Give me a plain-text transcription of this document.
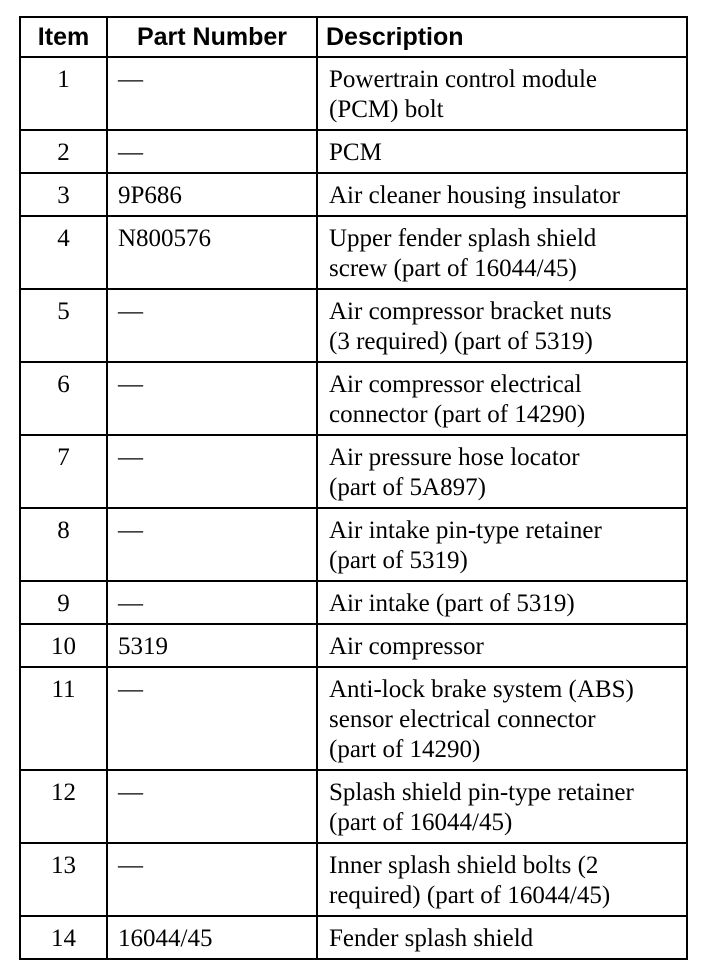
Item	Part Number	Description
1	—	Powertrain control module
(PCM) bolt

2	—	PCM

3	9P686	Air cleaner housing insulator

4	N800576	Upper fender splash shield
screw (part of 16044/45)

5	—	Air compressor bracket nuts
(3 required) (part of 5319)

6	—	Air compressor electrical
connector (part of 14290)

7	—	Air pressure hose locator
(part of 5A897)

8	—	Air intake pin-type retainer
(part of 5319)

9	—	Air intake (part of 5319)

10	5319	Air compressor

11	—	Anti-lock brake system (ABS)
sensor electrical connector
(part of 14290)

12	—	Splash shield pin-type retainer
(part of 16044/45)

13	—	Inner splash shield bolts (2
required) (part of 16044/45)

14	16044/45	Fender splash shield
